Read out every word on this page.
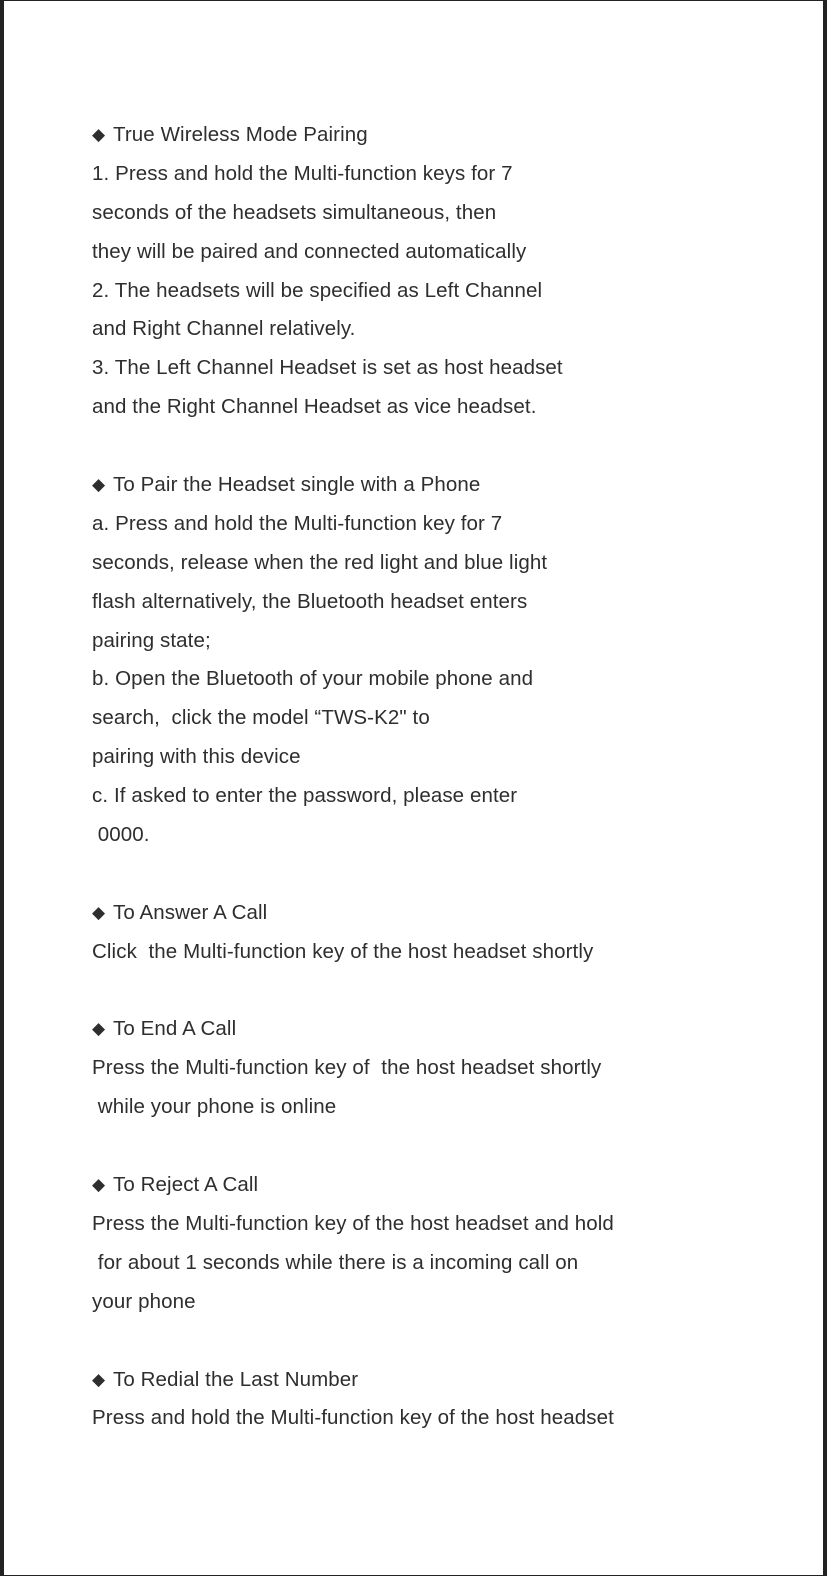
◆ True Wireless Mode Pairing
1. Press and hold the Multi-function keys for 7
seconds of the headsets simultaneous, then
they will be paired and connected automatically
2. The headsets will be specified as Left Channel
and Right Channel relatively.
3. The Left Channel Headset is set as host headset
and the Right Channel Headset as vice headset.
◆ To Pair the Headset single with a Phone
a. Press and hold the Multi-function key for 7
seconds, release when the red light and blue light
flash alternatively, the Bluetooth headset enters
pairing state;
b. Open the Bluetooth of your mobile phone and
search,  click the model “TWS-K2" to
pairing with this device
c. If asked to enter the password, please enter
0000.
◆ To Answer A Call
Click  the Multi-function key of the host headset shortly
◆ To End A Call
Press the Multi-function key of  the host headset shortly
while your phone is online
◆ To Reject A Call
Press the Multi-function key of the host headset and hold
for about 1 seconds while there is a incoming call on
your phone
◆ To Redial the Last Number
Press and hold the Multi-function key of the host headset
